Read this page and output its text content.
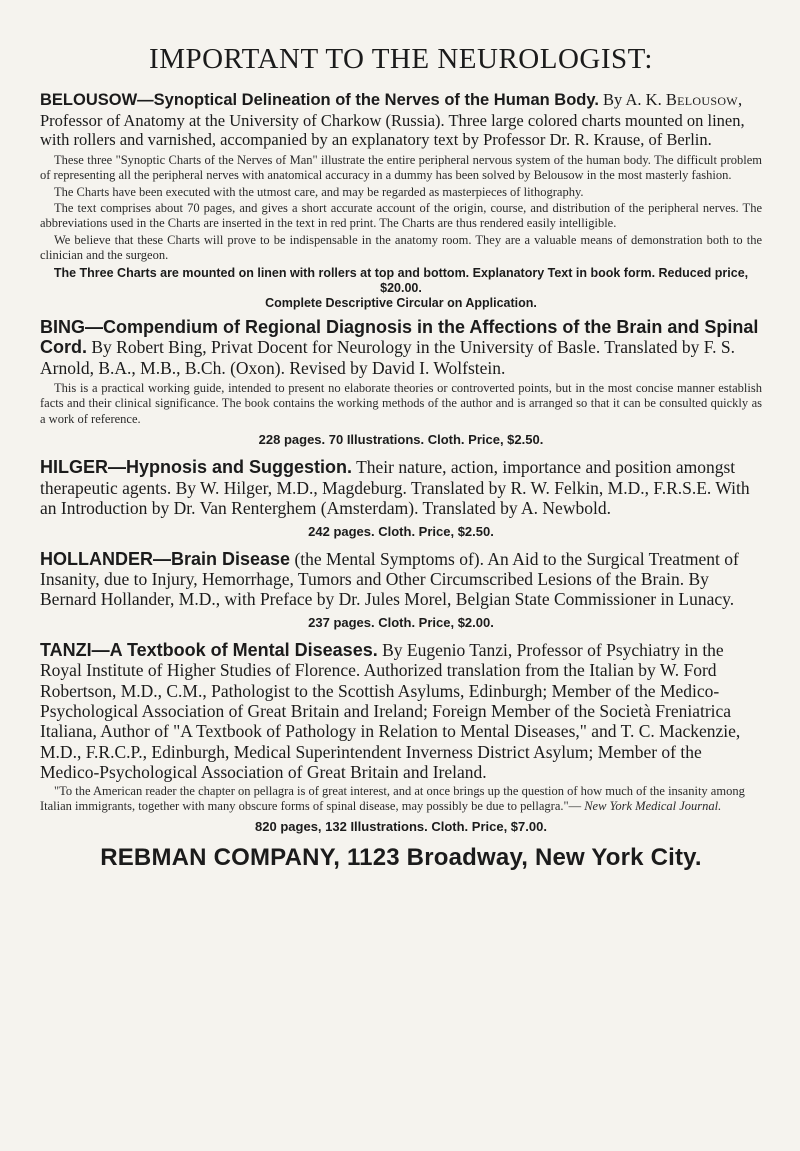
IMPORTANT TO THE NEUROLOGIST:

BELOUSOW—Synoptical Delineation of the Nerves of the Human Body. By A. K. Belousow, Professor of Anatomy at the University of Charkow (Russia). Three large colored charts mounted on linen, with rollers and varnished, accompanied by an explanatory text by Professor Dr. R. Krause, of Berlin.

These three "Synoptic Charts of the Nerves of Man" illustrate the entire peripheral nervous system of the human body. The difficult problem of representing all the peripheral nerves with anatomical accuracy in a dummy has been solved by Belousow in the most masterly fashion.

The Charts have been executed with the utmost care, and may be regarded as masterpieces of lithography.

The text comprises about 70 pages, and gives a short accurate account of the origin, course, and distribution of the peripheral nerves. The abbreviations used in the Charts are inserted in the text in red print. The Charts are thus rendered easily intelligible.

We believe that these Charts will prove to be indispensable in the anatomy room. They are a valuable means of demonstration both to the clinician and the surgeon.

The Three Charts are mounted on linen with rollers at top and bottom. Explanatory Text in book form. Reduced price, $20.00.

Complete Descriptive Circular on Application.

BING—Compendium of Regional Diagnosis in the Affections of the Brain and Spinal Cord. By Robert Bing, Privat Docent for Neurology in the University of Basle. Translated by F. S. Arnold, B.A., M.B., B.Ch. (Oxon). Revised by David I. Wolfstein.

This is a practical working guide, intended to present no elaborate theories or controverted points, but in the most concise manner establish facts and their clinical significance. The book contains the working methods of the author and is arranged so that it can be consulted quickly as a work of reference.

228 pages. 70 Illustrations. Cloth. Price, $2.50.

HILGER—Hypnosis and Suggestion. Their nature, action, importance and position amongst therapeutic agents. By W. Hilger, M.D., Magdeburg. Translated by R. W. Felkin, M.D., F.R.S.E. With an Introduction by Dr. Van Renterghem (Amsterdam). Translated by A. Newbold.

242 pages. Cloth. Price, $2.50.

HOLLANDER—Brain Disease (the Mental Symptoms of). An Aid to the Surgical Treatment of Insanity, due to Injury, Hemorrhage, Tumors and Other Circumscribed Lesions of the Brain. By Bernard Hollander, M.D., with Preface by Dr. Jules Morel, Belgian State Commissioner in Lunacy.

237 pages. Cloth. Price, $2.00.

TANZI—A Textbook of Mental Diseases. By Eugenio Tanzi, Professor of Psychiatry in the Royal Institute of Higher Studies of Florence. Authorized translation from the Italian by W. Ford Robertson, M.D., C.M., Pathologist to the Scottish Asylums, Edinburgh; Member of the Medico-Psychological Association of Great Britain and Ireland; Foreign Member of the Società Freniatrica Italiana, Author of "A Textbook of Pathology in Relation to Mental Diseases," and T. C. Mackenzie, M.D., F.R.C.P., Edinburgh, Medical Superintendent Inverness District Asylum; Member of the Medico-Psychological Association of Great Britain and Ireland.

"To the American reader the chapter on pellagra is of great interest, and at once brings up the question of how much of the insanity among Italian immigrants, together with many obscure forms of spinal disease, may possibly be due to pellagra."— New York Medical Journal.

820 pages, 132 Illustrations. Cloth. Price, $7.00.

REBMAN COMPANY, 1123 Broadway, New York City.
